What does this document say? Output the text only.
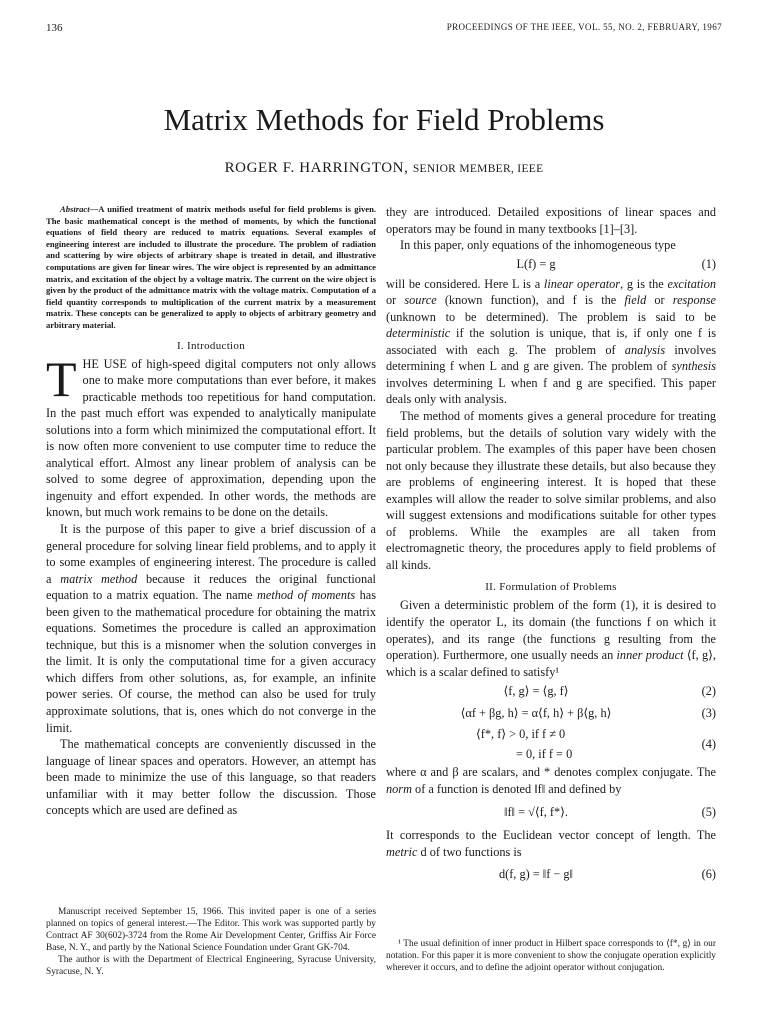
136	PROCEEDINGS OF THE IEEE, VOL. 55, NO. 2, FEBRUARY, 1967
Matrix Methods for Field Problems
ROGER F. HARRINGTON, SENIOR MEMBER, IEEE

Abstract—A unified treatment of matrix methods useful for field problems is given. The basic mathematical concept is the method of moments, by which the functional equations of field theory are reduced to matrix equations. Several examples of engineering interest are included to illustrate the procedure. The problem of radiation and scattering by wire objects of arbitrary shape is treated in detail, and illustrative computations are given for linear wires. The wire object is represented by an admittance matrix, and excitation of the object by a voltage matrix. The current on the wire object is given by the product of the admittance matrix with the voltage matrix. Computation of a field quantity corresponds to multiplication of the current matrix by a measurement matrix. These concepts can be generalized to apply to objects of arbitrary geometry and arbitrary material.

I. Introduction

THE USE of high-speed digital computers not only allows one to make more computations than ever before, it makes practicable methods too repetitious for hand computation. In the past much effort was expended to analytically manipulate solutions into a form which minimized the computational effort. It is now often more convenient to use computer time to reduce the analytical effort. Almost any linear problem of analysis can be solved to some degree of approximation, depending upon the ingenuity and effort expended. In other words, the methods are known, but much work remains to be done on the details.

It is the purpose of this paper to give a brief discussion of a general procedure for solving linear field problems, and to apply it to some examples of engineering interest. The procedure is called a matrix method because it reduces the original functional equation to a matrix equation. The name method of moments has been given to the mathematical procedure for obtaining the matrix equations. Sometimes the procedure is called an approximation technique, but this is a misnomer when the solution converges in the limit. It is only the computational time for a given accuracy which differs from other solutions, as, for example, an infinite power series. Of course, the method can also be used for truly approximate solutions, that is, ones which do not converge in the limit.

The mathematical concepts are conveniently discussed in the language of linear spaces and operators. However, an attempt has been made to minimize the use of this language, so that readers unfamiliar with it may better follow the discussion. Those concepts which are used are defined as

they are introduced. Detailed expositions of linear spaces and operators may be found in many textbooks [1]–[3].

In this paper, only equations of the inhomogeneous type

L(f) = g	(1)

will be considered. Here L is a linear operator, g is the excitation or source (known function), and f is the field or response (unknown to be determined). The problem is said to be deterministic if the solution is unique, that is, if only one f is associated with each g. The problem of analysis involves determining f when L and g are given. The problem of synthesis involves determining L when f and g are specified. This paper deals only with analysis.

The method of moments gives a general procedure for treating field problems, but the details of solution vary widely with the particular problem. The examples of this paper have been chosen not only because they illustrate these details, but also because they are problems of engineering interest. It is hoped that these examples will allow the reader to solve similar problems, and also will suggest extensions and modifications suitable for other types of problems. While the examples are all taken from electromagnetic theory, the procedures apply to field problems of all kinds.

II. Formulation of Problems

Given a deterministic problem of the form (1), it is desired to identify the operator L, its domain (the functions f on which it operates), and its range (the functions g resulting from the operation). Furthermore, one usually needs an inner product ⟨f, g⟩, which is a scalar defined to satisfy¹

⟨f, g⟩ = ⟨g, f⟩	(2)
⟨αf + βg, h⟩ = α⟨f, h⟩ + β⟨g, h⟩	(3)
⟨f*, f⟩ > 0, if f ≠ 0
= 0, if f = 0
(4)

where α and β are scalars, and * denotes complex conjugate. The norm of a function is denoted ‖f‖ and defined by

‖f‖ = √⟨f, f*⟩.	(5)

It corresponds to the Euclidean vector concept of length. The metric d of two functions is

d(f, g) = ‖f − g‖	(6)

Manuscript received September 15, 1966. This invited paper is one of a series planned on topics of general interest.—The Editor. This work was supported partly by Contract AF 30(602)-3724 from the Rome Air Development Center, Griffiss Air Force Base, N. Y., and partly by the National Science Foundation under Grant GK-704.

The author is with the Department of Electrical Engineering, Syracuse University, Syracuse, N. Y.

¹ The usual definition of inner product in Hilbert space corresponds to ⟨f*, g⟩ in our notation. For this paper it is more convenient to show the conjugate operation explicitly wherever it occurs, and to define the adjoint operator without conjugation.
